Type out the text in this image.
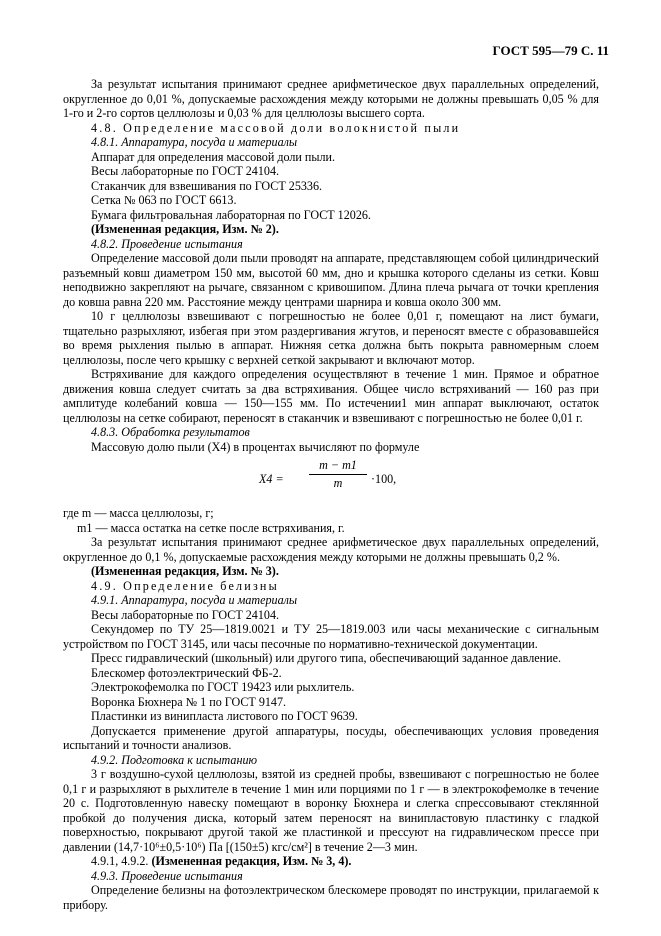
ГОСТ 595—79 С. 11

За результат испытания принимают среднее арифметическое двух параллельных определений, округленное до 0,01 %, допускаемые расхождения между которыми не должны превышать 0,05 % для 1-го и 2-го сортов целлюлозы и 0,03 % для целлюлозы высшего сорта.

4.8. Определение массовой доли волокнистой пыли

4.8.1. Аппаратура, посуда и материалы

Аппарат для определения массовой доли пыли.

Весы лабораторные по ГОСТ 24104.

Стаканчик для взвешивания по ГОСТ 25336.

Сетка № 063 по ГОСТ 6613.

Бумага фильтровальная лабораторная по ГОСТ 12026.

(Измененная редакция, Изм. № 2).

4.8.2. Проведение испытания

Определение массовой доли пыли проводят на аппарате, представляющем собой цилиндрический разъемный ковш диаметром 150 мм, высотой 60 мм, дно и крышка которого сделаны из сетки. Ковш неподвижно закрепляют на рычаге, связанном с кривошипом. Длина плеча рычага от точки крепления до ковша равна 220 мм. Расстояние между центрами шарнира и ковша около 300 мм.

10 г целлюлозы взвешивают с погрешностью не более 0,01 г, помещают на лист бумаги, тщательно разрыхляют, избегая при этом раздергивания жгутов, и переносят вместе с образовавшейся во время рыхления пылью в аппарат. Нижняя сетка должна быть покрыта равномерным слоем целлюлозы, после чего крышку с верхней сеткой закрывают и включают мотор.

Встряхивание для каждого определения осуществляют в течение 1 мин. Прямое и обратное движения ковша следует считать за два встряхивания. Общее число встряхиваний — 160 раз при амплитуде колебаний ковша — 150—155 мм. По истечении1 мин аппарат выключают, остаток целлюлозы на сетке собирают, переносят в стаканчик и взвешивают с погрешностью не более 0,01 г.

4.8.3. Обработка результатов

Массовую долю пыли (X4) в процентах вычисляют по формуле

$X4 = \frac{m - m1}{m} \cdot 100$,

где m — масса целлюлозы, г;

m1 — масса остатка на сетке после встряхивания, г.

За результат испытания принимают среднее арифметическое двух параллельных определений, округленное до 0,1 %, допускаемые расхождения между которыми не должны превышать 0,2 %.

(Измененная редакция, Изм. № 3).

4.9. Определение белизны

4.9.1. Аппаратура, посуда и материалы

Весы лабораторные по ГОСТ 24104.

Секундомер по ТУ 25—1819.0021 и ТУ 25—1819.003 или часы механические с сигнальным устройством по ГОСТ 3145, или часы песочные по нормативно-технической документации.

Пресс гидравлический (школьный) или другого типа, обеспечивающий заданное давление.

Блескомер фотоэлектрический ФБ-2.

Электрокофемолка по ГОСТ 19423 или рыхлитель.

Воронка Бюхнера № 1 по ГОСТ 9147.

Пластинки из винипласта листового по ГОСТ 9639.

Допускается применение другой аппаратуры, посуды, обеспечивающих условия проведения испытаний и точности анализов.

4.9.2. Подготовка к испытанию

3 г воздушно-сухой целлюлозы, взятой из средней пробы, взвешивают с погрешностью не более 0,1 г и разрыхляют в рыхлителе в течение 1 мин или порциями по 1 г — в электрокофемолке в течение 20 с. Подготовленную навеску помещают в воронку Бюхнера и слегка спрессовывают стеклянной пробкой до получения диска, который затем переносят на винипластовую пластинку с гладкой поверхностью, покрывают другой такой же пластинкой и прессуют на гидравлическом прессе при давлении (14,7·10⁶±0,5·10⁶) Па [(150±5) кгс/см²] в течение 2—3 мин.

4.9.1, 4.9.2. (Измененная редакция, Изм. № 3, 4).

4.9.3. Проведение испытания

Определение белизны на фотоэлектрическом блескомере проводят по инструкции, прилагаемой к прибору.
